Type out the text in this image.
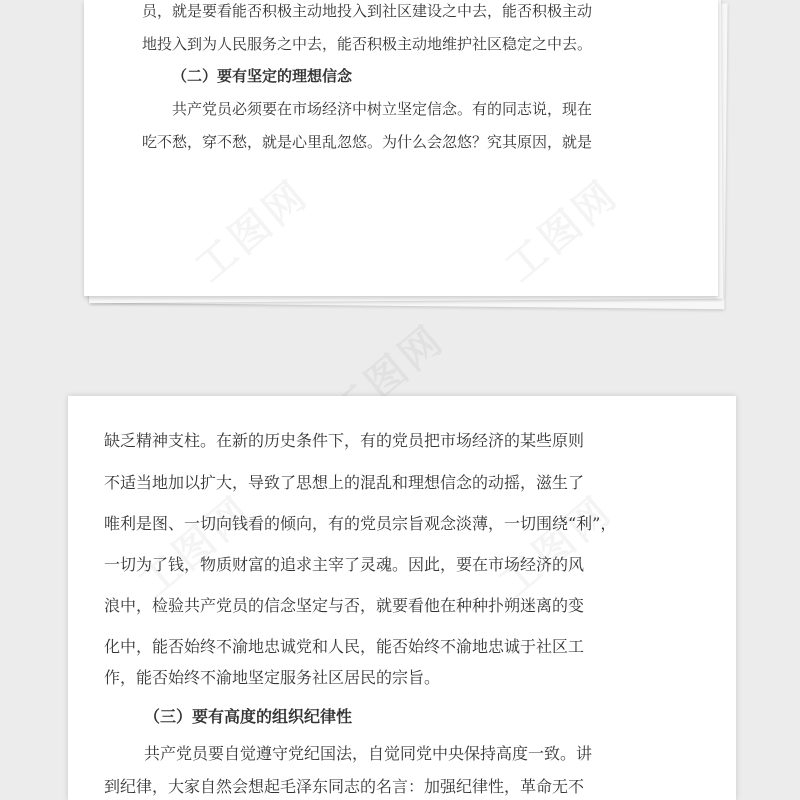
员，就是要看能否积极主动地投入到社区建设之中去，能否积极主动
地投入到为人民服务之中去，能否积极主动地维护社区稳定之中去。
（二）要有坚定的理想信念
共产党员必须要在市场经济中树立坚定信念。有的同志说，现在
吃不愁，穿不愁，就是心里乱忽悠。为什么会忽悠？究其原因，就是
缺乏精神支柱。在新的历史条件下，有的党员把市场经济的某些原则
不适当地加以扩大，导致了思想上的混乱和理想信念的动摇，滋生了
唯利是图、一切向钱看的倾向，有的党员宗旨观念淡薄，一切围绕“利”，
一切为了钱，物质财富的追求主宰了灵魂。因此，要在市场经济的风
浪中，检验共产党员的信念坚定与否，就要看他在种种扑朔迷离的变
化中，能否始终不渝地忠诚党和人民，能否始终不渝地忠诚于社区工
作，能否始终不渝地坚定服务社区居民的宗旨。
（三）要有高度的组织纪律性
共产党员要自觉遵守党纪国法，自觉同党中央保持高度一致。讲
到纪律，大家自然会想起毛泽东同志的名言：加强纪律性，革命无不
